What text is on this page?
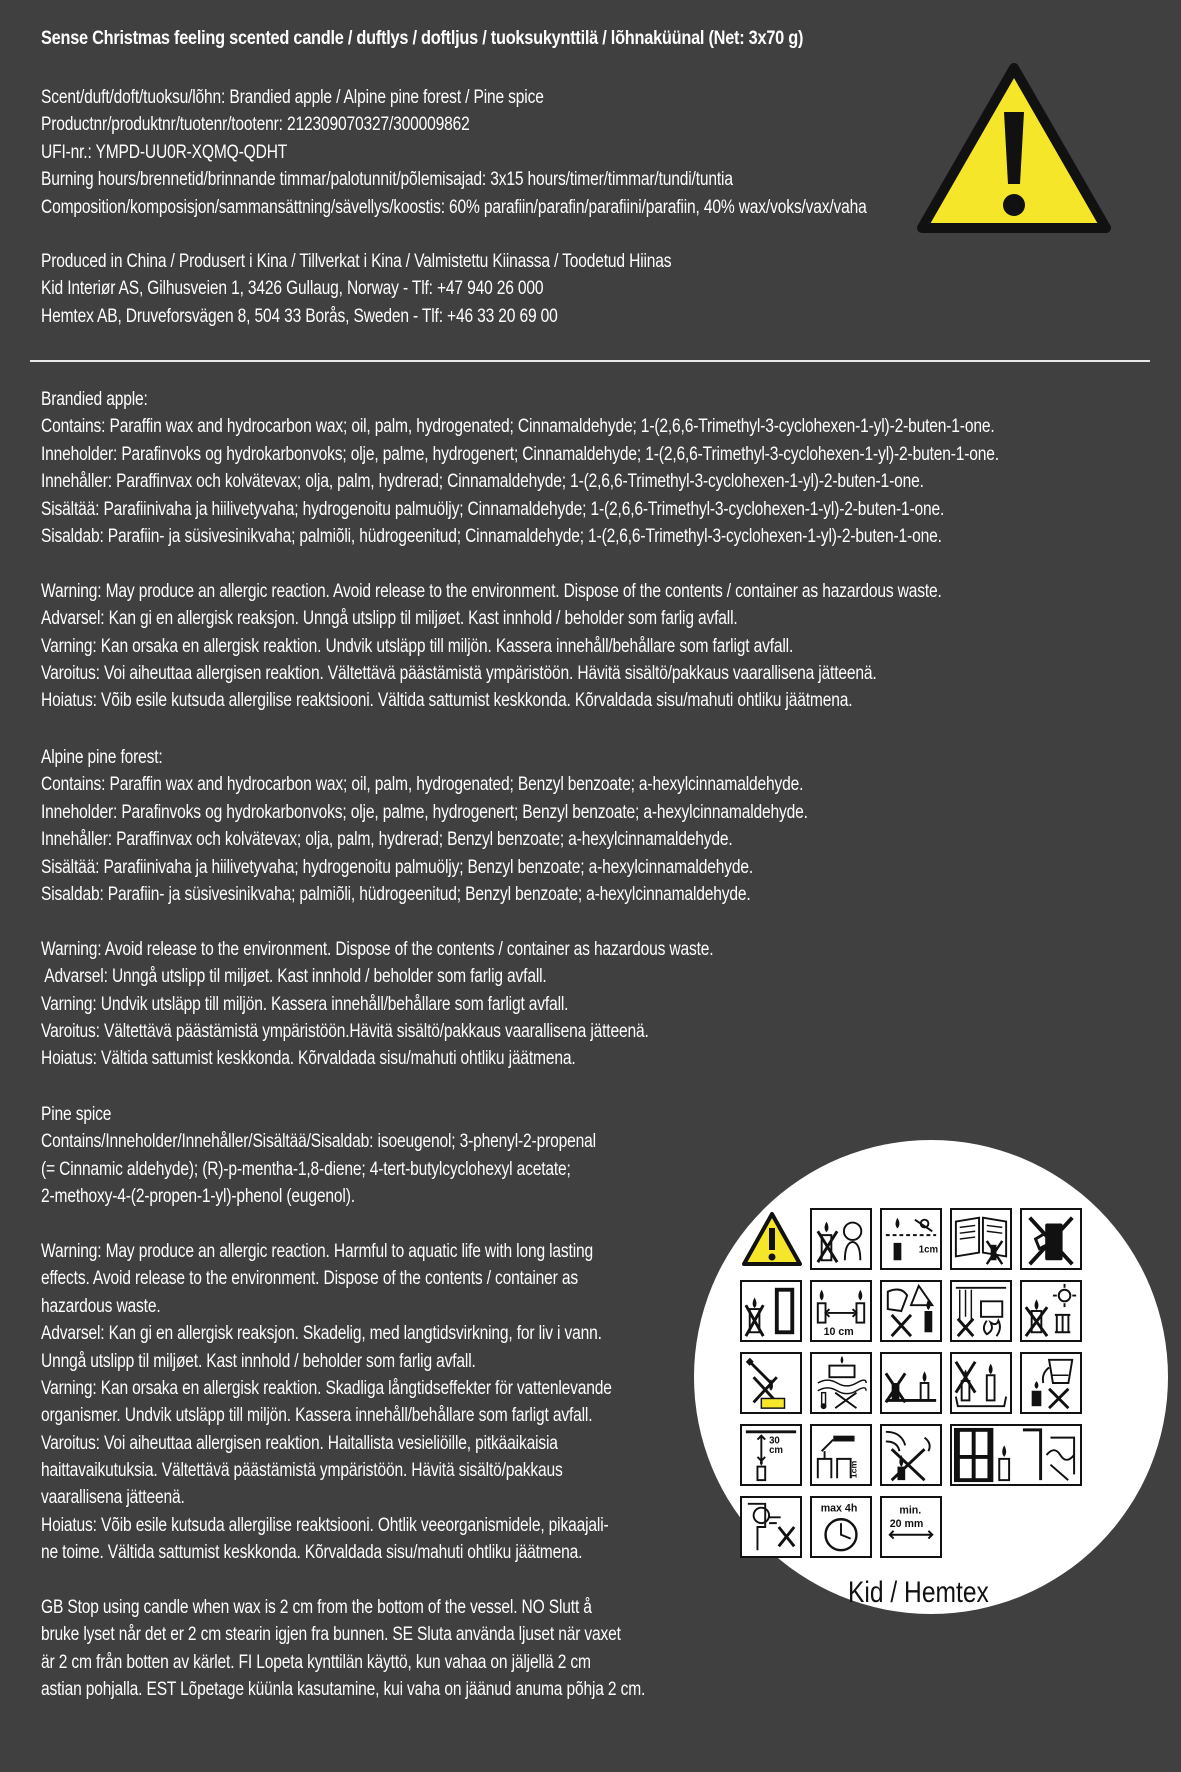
Sense Christmas feeling scented candle / duftlys / doftljus / tuoksukynttilä / lõhnaküünal (Net: 3x70 g)
Scent/duft/doft/tuoksu/lõhn: Brandied apple / Alpine pine forest / Pine spice
Productnr/produktnr/tuotenr/tootenr: 212309070327/300009862
UFI-nr.: YMPD-UU0R-XQMQ-QDHT
Burning hours/brennetid/brinnande timmar/palotunnit/põlemisajad: 3x15 hours/timer/timmar/tundi/tuntia
Composition/komposisjon/sammansättning/sävellys/koostis: 60% parafiin/parafin/parafiini/parafiin, 40% wax/voks/vax/vaha
Produced in China / Produsert i Kina / Tillverkat i Kina / Valmistettu Kiinassa / Toodetud Hiinas
Kid Interiør AS, Gilhusveien 1, 3426 Gullaug, Norway - Tlf: +47 940 26 000
Hemtex AB, Druveforsvägen 8, 504 33 Borås, Sweden - Tlf: +46 33 20 69 00
Brandied apple:
Contains: Paraffin wax and hydrocarbon wax; oil, palm, hydrogenated; Cinnamaldehyde; 1-(2,6,6-Trimethyl-3-cyclohexen-1-yl)-2-buten-1-one.
Inneholder: Parafinvoks og hydrokarbonvoks; olje, palme, hydrogenert; Cinnamaldehyde; 1-(2,6,6-Trimethyl-3-cyclohexen-1-yl)-2-buten-1-one.
Innehåller: Paraffinvax och kolvätevax; olja, palm, hydrerad; Cinnamaldehyde; 1-(2,6,6-Trimethyl-3-cyclohexen-1-yl)-2-buten-1-one.
Sisältää: Parafiinivaha ja hiilivetyvaha; hydrogenoitu palmuöljy; Cinnamaldehyde; 1-(2,6,6-Trimethyl-3-cyclohexen-1-yl)-2-buten-1-one.
Sisaldab: Parafiin- ja süsivesinikvaha; palmiõli, hüdrogeenitud; Cinnamaldehyde; 1-(2,6,6-Trimethyl-3-cyclohexen-1-yl)-2-buten-1-one.
Warning: May produce an allergic reaction. Avoid release to the environment. Dispose of the contents / container as hazardous waste.
Advarsel: Kan gi en allergisk reaksjon. Unngå utslipp til miljøet. Kast innhold / beholder som farlig avfall.
Varning: Kan orsaka en allergisk reaktion. Undvik utsläpp till miljön. Kassera innehåll/behållare som farligt avfall.
Varoitus: Voi aiheuttaa allergisen reaktion. Vältettävä päästämistä ympäristöön. Hävitä sisältö/pakkaus vaarallisena jätteenä.
Hoiatus: Võib esile kutsuda allergilise reaktsiooni. Vältida sattumist keskkonda. Kõrvaldada sisu/mahuti ohtliku jäätmena.
Alpine pine forest:
Contains: Paraffin wax and hydrocarbon wax; oil, palm, hydrogenated; Benzyl benzoate; a-hexylcinnamaldehyde.
Inneholder: Parafinvoks og hydrokarbonvoks; olje, palme, hydrogenert; Benzyl benzoate; a-hexylcinnamaldehyde.
Innehåller: Paraffinvax och kolvätevax; olja, palm, hydrerad; Benzyl benzoate; a-hexylcinnamaldehyde.
Sisältää: Parafiinivaha ja hiilivetyvaha; hydrogenoitu palmuöljy; Benzyl benzoate; a-hexylcinnamaldehyde.
Sisaldab: Parafiin- ja süsivesinikvaha; palmiõli, hüdrogeenitud; Benzyl benzoate; a-hexylcinnamaldehyde.
Warning: Avoid release to the environment. Dispose of the contents / container as hazardous waste.
Advarsel: Unngå utslipp til miljøet. Kast innhold / beholder som farlig avfall.
Varning: Undvik utsläpp till miljön. Kassera innehåll/behållare som farligt avfall.
Varoitus: Vältettävä päästämistä ympäristöön.Hävitä sisältö/pakkaus vaarallisena jätteenä.
Hoiatus: Vältida sattumist keskkonda. Kõrvaldada sisu/mahuti ohtliku jäätmena.
Pine spice
Contains/Inneholder/Innehåller/Sisältää/Sisaldab: isoeugenol; 3-phenyl-2-propenal
(= Cinnamic aldehyde); (R)-p-mentha-1,8-diene; 4-tert-butylcyclohexyl acetate;
2-methoxy-4-(2-propen-1-yl)-phenol (eugenol).
Warning: May produce an allergic reaction. Harmful to aquatic life with long lasting
effects. Avoid release to the environment. Dispose of the contents / container as
hazardous waste.
Advarsel: Kan gi en allergisk reaksjon. Skadelig, med langtidsvirkning, for liv i vann.
Unngå utslipp til miljøet. Kast innhold / beholder som farlig avfall.
Varning: Kan orsaka en allergisk reaktion. Skadliga långtidseffekter för vattenlevande
organismer. Undvik utsläpp till miljön. Kassera innehåll/behållare som farligt avfall.
Varoitus: Voi aiheuttaa allergisen reaktion. Haitallista vesieliöille, pitkäaikaisia
haittavaikutuksia. Vältettävä päästämistä ympäristöön. Hävitä sisältö/pakkaus
vaarallisena jätteenä.
Hoiatus: Võib esile kutsuda allergilise reaktsiooni. Ohtlik veeorganismidele, pikaajali-
ne toime. Vältida sattumist keskkonda. Kõrvaldada sisu/mahuti ohtliku jäätmena.
GB Stop using candle when wax is 2 cm from the bottom of the vessel. NO Slutt å
bruke lyset når det er 2 cm stearin igjen fra bunnen. SE Sluta använda ljuset när vaxet
är 2 cm från botten av kärlet. FI Lopeta kynttilän käyttö, kun vahaa on jäljellä 2 cm
astian pohjalla. EST Lõpetage küünla kasutamine, kui vaha on jäänud anuma põhja 2 cm.
1cm
10 cm
30
cm
1cm
max 4h	min.
20 mm
Kid / Hemtex
